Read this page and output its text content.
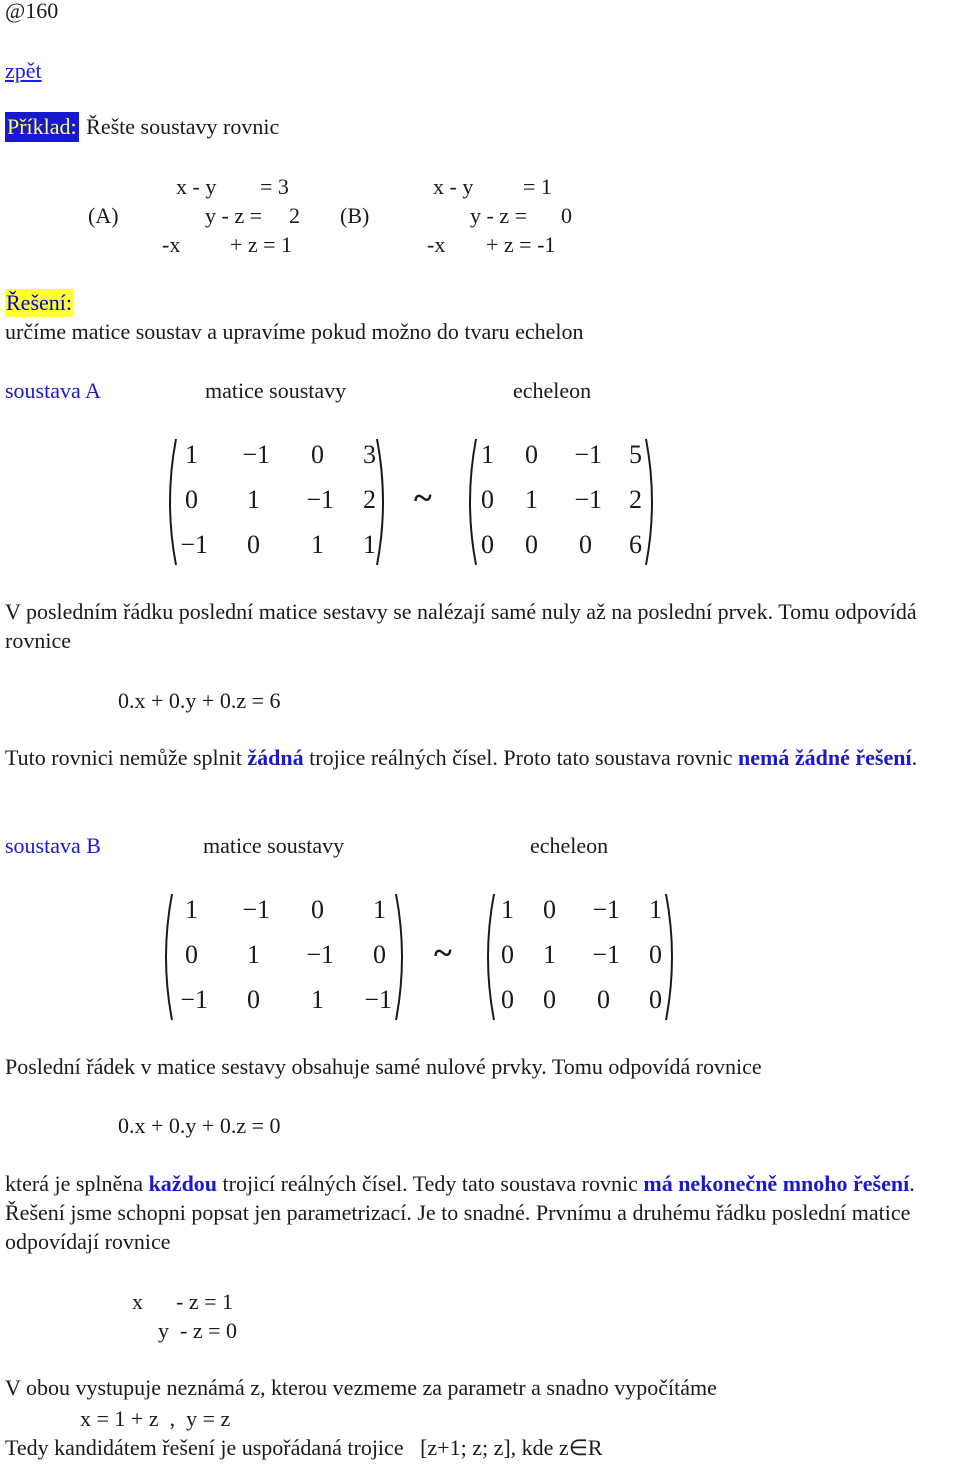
@160
zpět
Příklad: Řešte soustavy rovnic
(A)
x - y = 3
y - z = 2
-x + z = 1
(B)
x - y = 1
y - z = 0
-x + z = -1
Řešení:
určíme matice soustav a upravíme pokud možno do tvaru echelon
soustava A	matice soustavy	echeleon
1	−1	0	3
0	1	−1	2
−1	0	1	1
~
1	0	−1	5
0	1	−1	2
0	0	0	6
V posledním řádku poslední matice sestavy se nalézají samé nuly až na poslední prvek. Tomu odpovídá rovnice
0.x + 0.y + 0.z = 6
Tuto rovnici nemůže splnit žádná trojice reálných čísel. Proto tato soustava rovnic nemá žádné řešení.
soustava B	matice soustavy	echeleon
1	−1	0	1
0	1	−1	0
−1	0	1	−1
~
1	0	−1	1
0	1	−1	0
0	0	0	0
Poslední řádek v matice sestavy obsahuje samé nulové prvky. Tomu odpovídá rovnice
0.x + 0.y + 0.z = 0
která je splněna každou trojicí reálných čísel. Tedy tato soustava rovnic má nekonečně mnoho řešení. Řešení jsme schopni popsat jen parametrizací. Je to snadné. Prvnímu a druhému řádku poslední matice odpovídají rovnice
x      - z = 1
y  - z = 0
V obou vystupuje neznámá z, kterou vezmeme za parametr a snadno vypočítáme
x = 1 + z  ,  y = z
Tedy kandidátem řešení je uspořádaná trojice   [z+1; z; z], kde z∈R
